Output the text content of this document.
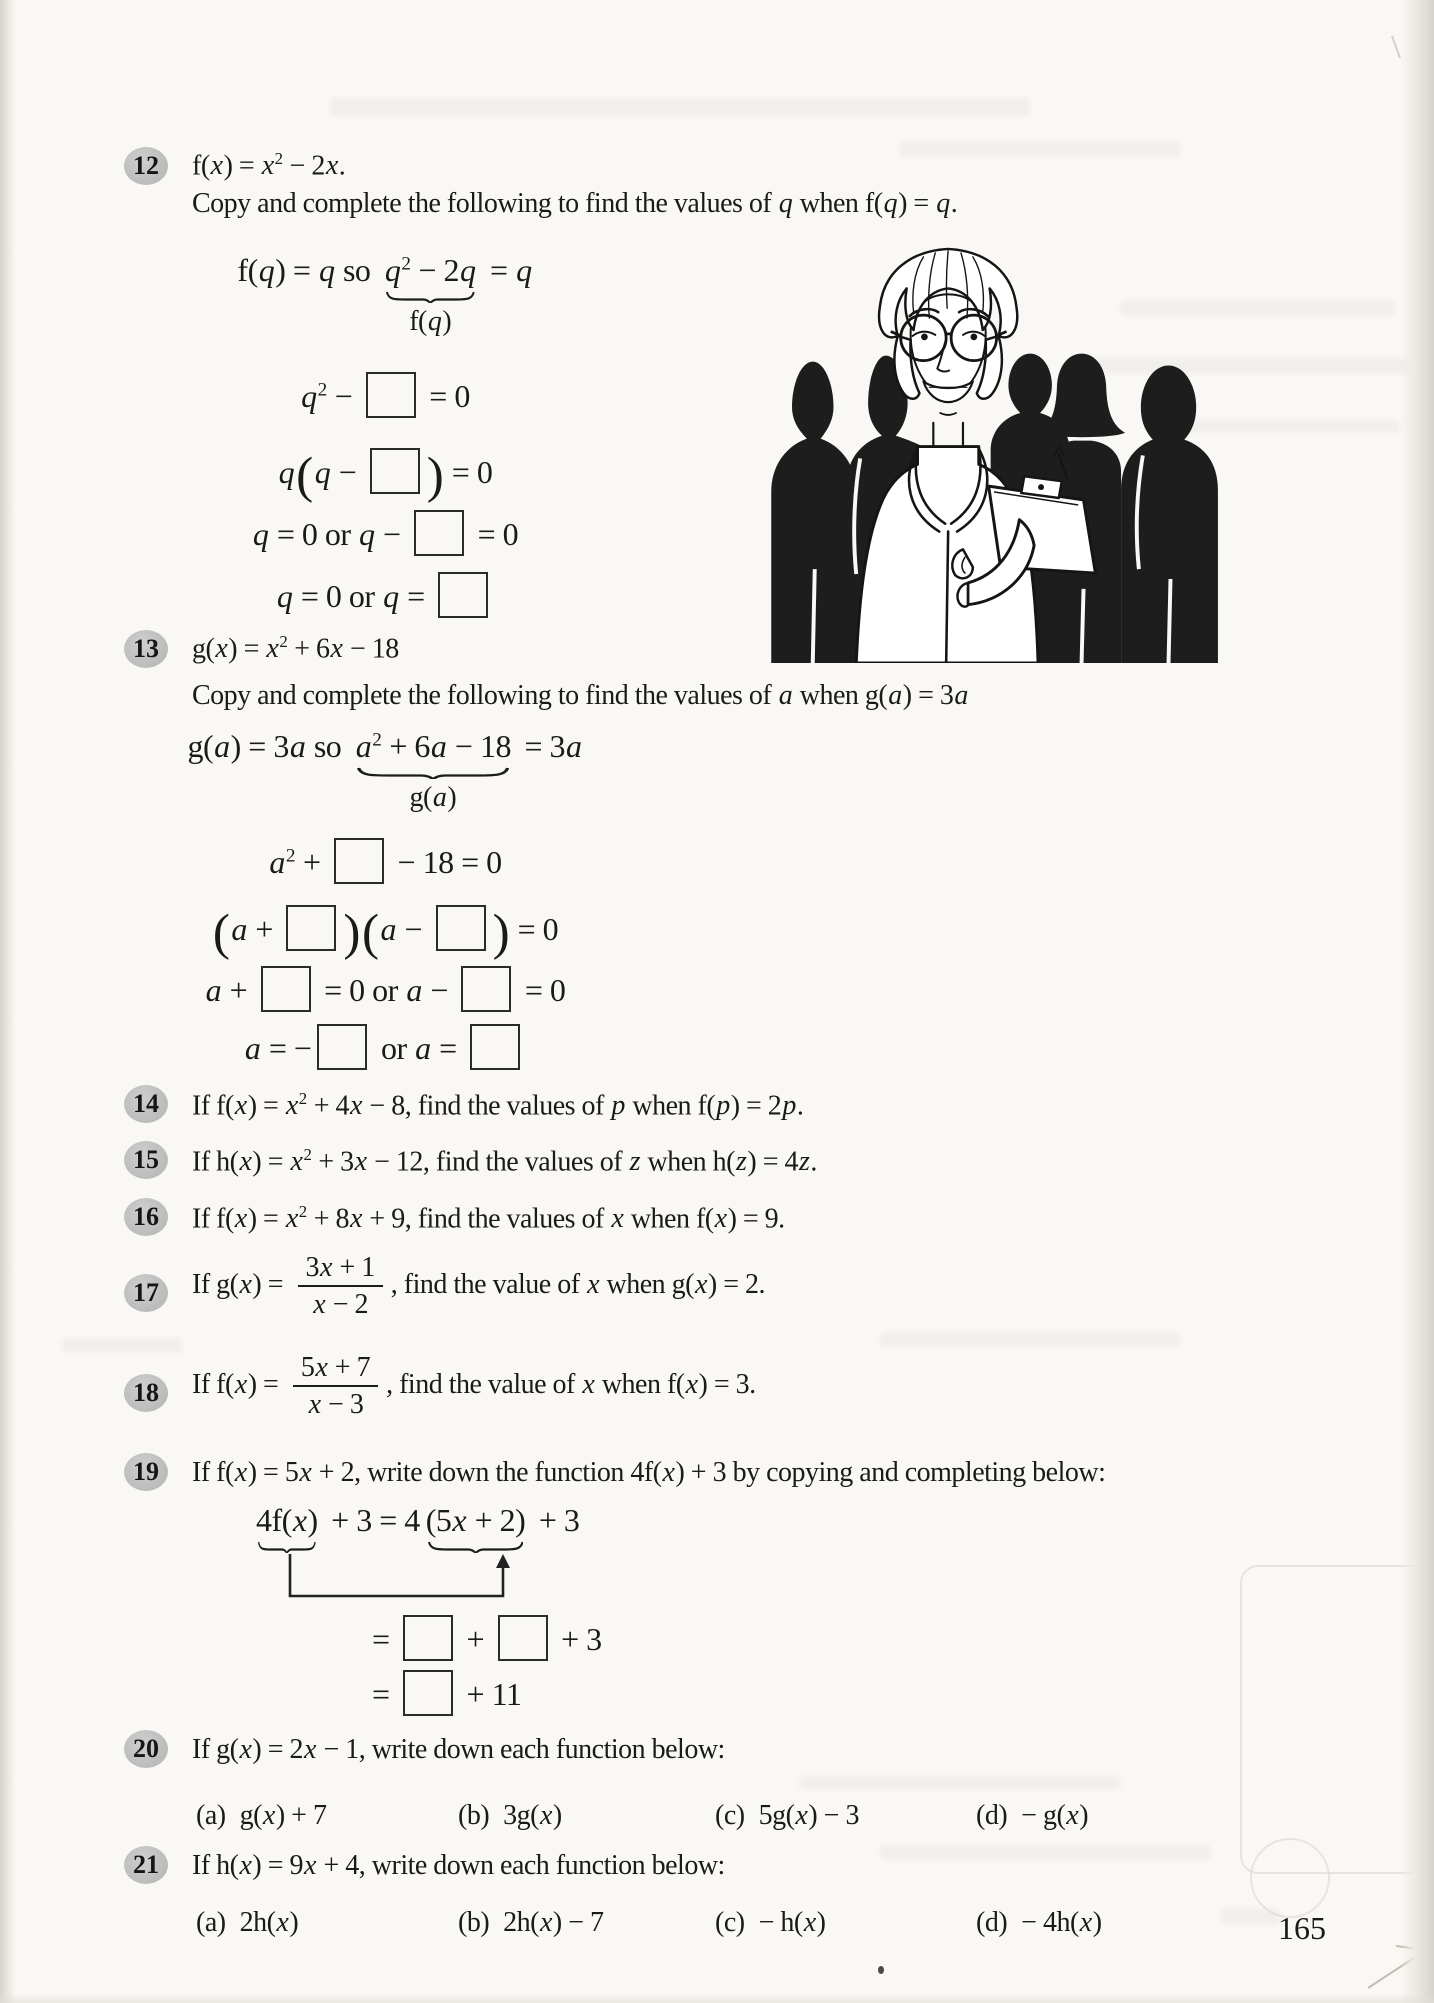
12	$f(x) = x^2 - 2x$.
Copy and complete the following to find the values of q when f(q) = q.
f(q) = q so $q^2 - 2q$
f(q)
= q
$q^2$ −  = 0
q(q − ) = 0
q = 0 or q −  = 0
q = 0 or q =
13	$g(x) = x^2 + 6x - 18$
Copy and complete the following to find the values of a when g(a) = 3a
g(a) = 3a so $a^2 + 6a - 18$
g(a)
= 3a
$a^2$ +  − 18 = 0
(a + )(a − ) = 0
a +  = 0 or a −  = 0
a = − or a =
14	If $f(x) = x^2 + 4x - 8$, find the values of p when f(p) = 2p.
15	If $h(x) = x^2 + 3x - 12$, find the values of z when h(z) = 4z.
16	If $f(x) = x^2 + 8x + 9$, find the values of x when f(x) = 9.
17	If $g(x) = \frac{3x + 1}{x - 2}$ , find the value of x when g(x) = 2.
18	If $f(x) = \frac{5x + 7}{x - 3}$ , find the value of x when f(x) = 3.
19	If f(x) = 5x + 2, write down the function 4f(x) + 3 by copying and completing below:
4f(x)
+ 3 = 4 (5x + 2)
+ 3
=  +  + 3
=  + 11
20	If g(x) = 2x − 1, write down each function below:
(a) g(x) + 7	(b) 3g(x)	(c) 5g(x) − 3	(d) − g(x)
21	If h(x) = 9x + 4, write down each function below:
(a) 2h(x)	(b) 2h(x) − 7	(c) − h(x)	(d) − 4h(x)	165
